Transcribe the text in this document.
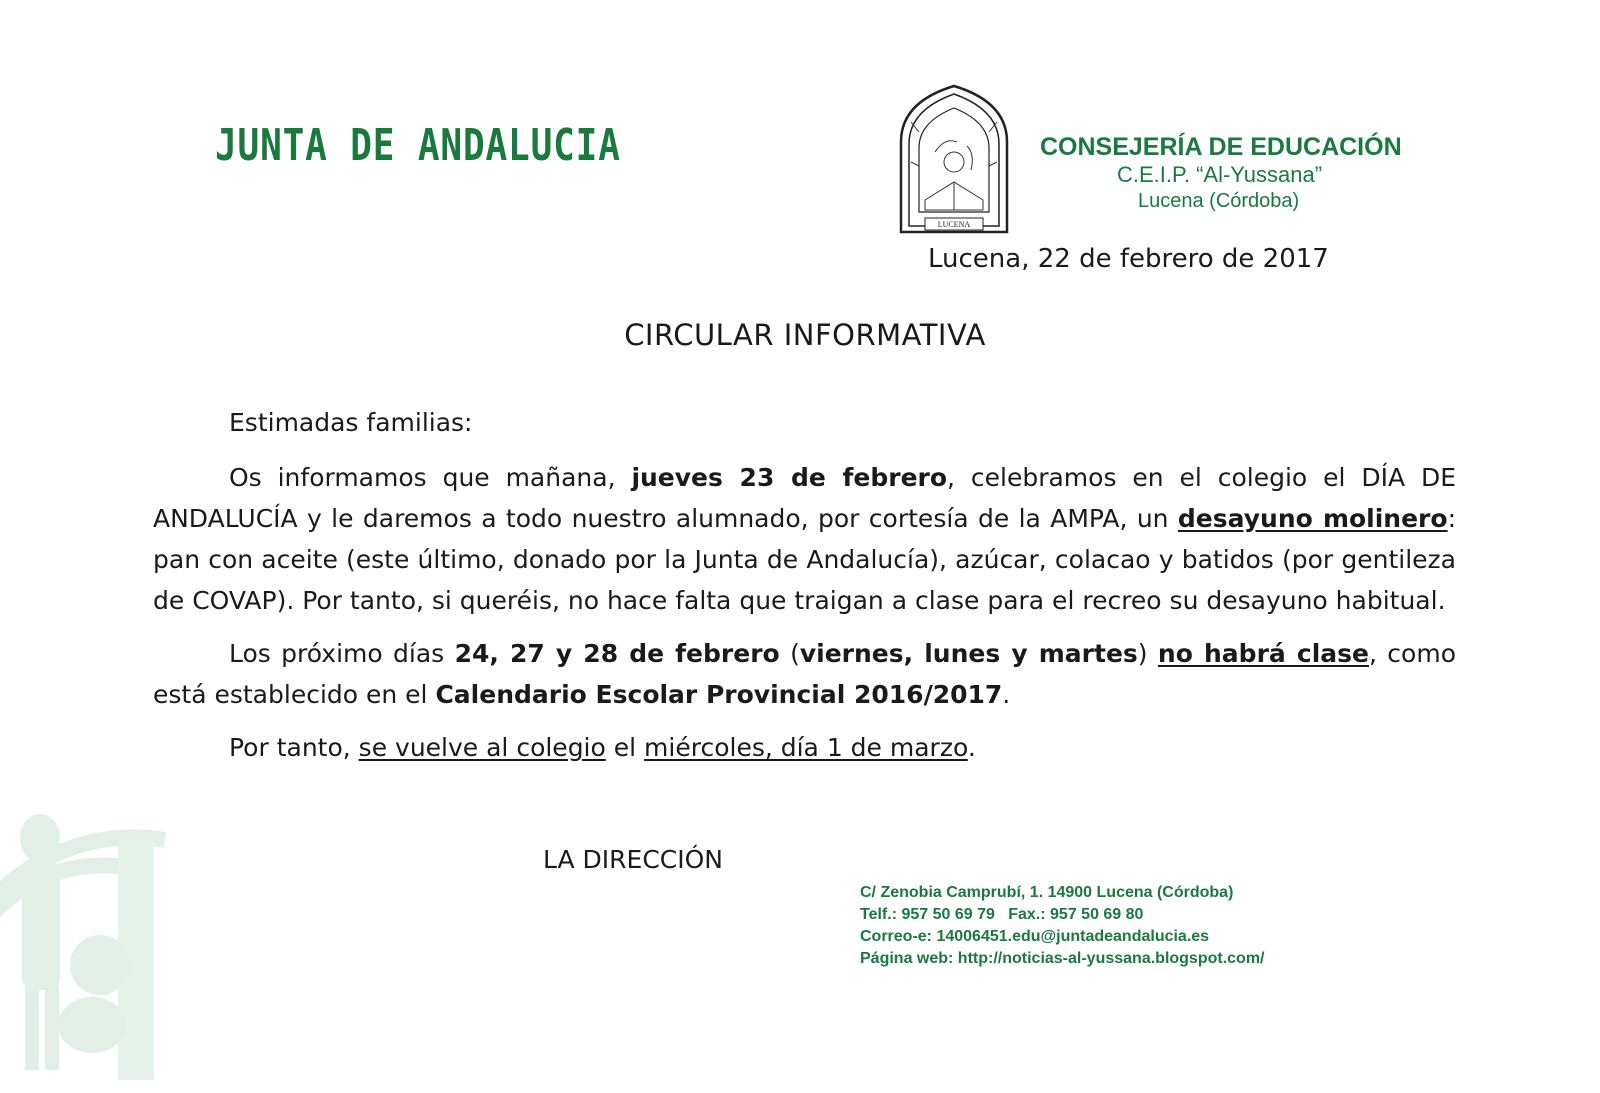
JUNTA DE ANDALUCIA
LUCENA
CONSEJERÍA DE EDUCACIÓN
C.E.I.P. “Al-Yussana”
Lucena (Córdoba)
Lucena, 22 de febrero de 2017
CIRCULAR INFORMATIVA

Estimadas familias:

Os informamos que mañana, jueves 23 de febrero, celebramos en el colegio el DÍA DE ANDALUCÍA y le daremos a todo nuestro alumnado, por cortesía de la AMPA, un desayuno molinero: pan con aceite (este último, donado por la Junta de Andalucía), azúcar, colacao y batidos (por gentileza de COVAP). Por tanto, si queréis, no hace falta que traigan a clase para el recreo su desayuno habitual.

Los próximo días 24, 27 y 28 de febrero (viernes, lunes y martes) no habrá clase, como está establecido en el Calendario Escolar Provincial 2016/2017.

Por tanto, se vuelve al colegio el miércoles, día 1 de marzo.

LA DIRECCIÓN
C/ Zenobia Camprubí, 1. 14900 Lucena (Córdoba)
Telf.: 957 50 69 79   Fax.: 957 50 69 80
Correo-e: 14006451.edu@juntadeandalucia.es
Página web: http://noticias-al-yussana.blogspot.com/
